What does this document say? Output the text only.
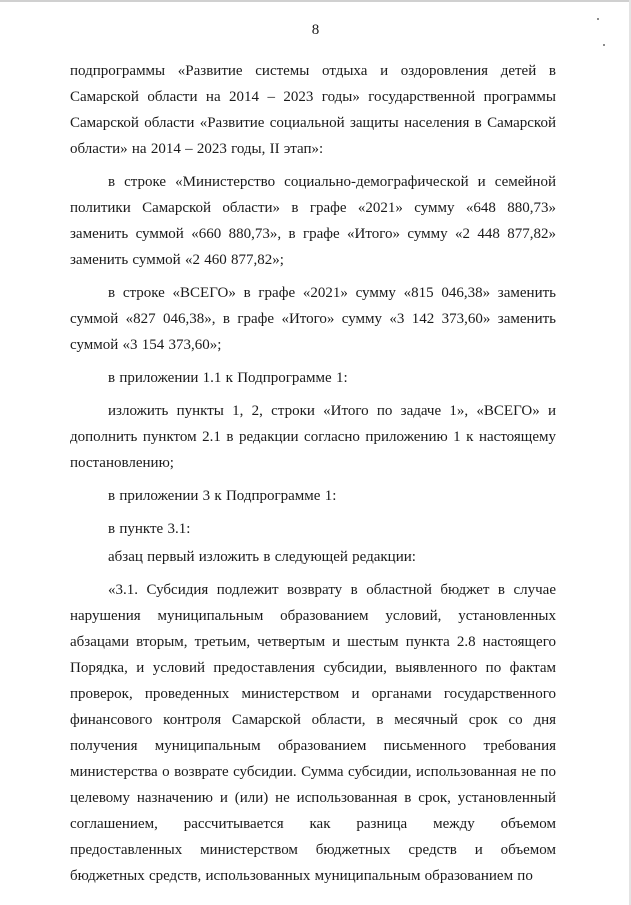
8

подпрограммы «Развитие системы отдыха и оздоровления детей в Самарской области на 2014 – 2023 годы» государственной программы Самарской области «Развитие социальной защиты населения в Самарской области» на 2014 – 2023 годы, II этап»:

в строке «Министерство социально-демографической и семейной политики Самарской области» в графе «2021» сумму «648 880,73» заменить суммой «660 880,73», в графе «Итого» сумму «2 448 877,82» заменить суммой «2 460 877,82»;

в строке «ВСЕГО» в графе «2021» сумму «815 046,38» заменить суммой «827 046,38», в графе «Итого» сумму «3 142 373,60» заменить суммой «3 154 373,60»;

в приложении 1.1 к Подпрограмме 1:

изложить пункты 1, 2, строки «Итого по задаче 1», «ВСЕГО» и дополнить пунктом 2.1 в редакции согласно приложению 1 к настоящему постановлению;

в приложении 3 к Подпрограмме 1:

в пункте 3.1:

абзац первый изложить в следующей редакции:

«3.1. Субсидия подлежит возврату в областной бюджет в случае нарушения муниципальным образованием условий, установленных абзацами вторым, третьим, четвертым и шестым пункта 2.8 настоящего Порядка, и условий предоставления субсидии, выявленного по фактам проверок, проведенных министерством и органами государственного финансового контроля Самарской области, в месячный срок со дня получения муниципальным образованием письменного требования министерства о возврате субсидии. Сумма субсидии, использованная не по целевому назначению и (или) не использованная в срок, установленный соглашением, рассчитывается как разница между объемом предоставленных министерством бюджетных средств и объемом бюджетных средств, использованных муниципальным образованием по
